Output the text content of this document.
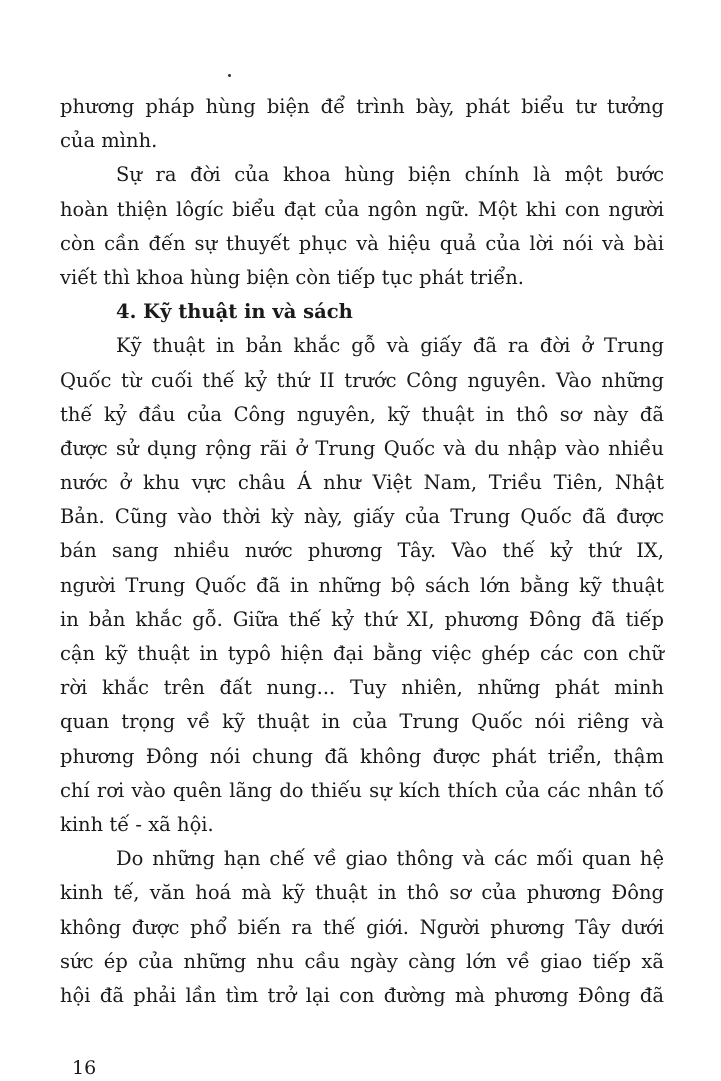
phương pháp hùng biện để trình bày, phát biểu tư tưởng
của mình.
Sự ra đời của khoa hùng biện chính là một bước
hoàn thiện lôgíc biểu đạt của ngôn ngữ. Một khi con người
còn cần đến sự thuyết phục và hiệu quả của lời nói và bài
viết thì khoa hùng biện còn tiếp tục phát triển.
4. Kỹ thuật in và sách
Kỹ thuật in bản khắc gỗ và giấy đã ra đời ở Trung
Quốc từ cuối thế kỷ thứ II trước Công nguyên. Vào những
thế kỷ đầu của Công nguyên, kỹ thuật in thô sơ này đã
được sử dụng rộng rãi ở Trung Quốc và du nhập vào nhiều
nước ở khu vực châu Á như Việt Nam, Triều Tiên, Nhật
Bản. Cũng vào thời kỳ này, giấy của Trung Quốc đã được
bán sang nhiều nước phương Tây. Vào thế kỷ thứ IX,
người Trung Quốc đã in những bộ sách lớn bằng kỹ thuật
in bản khắc gỗ. Giữa thế kỷ thứ XI, phương Đông đã tiếp
cận kỹ thuật in typô hiện đại bằng việc ghép các con chữ
rời khắc trên đất nung... Tuy nhiên, những phát minh
quan trọng về kỹ thuật in của Trung Quốc nói riêng và
phương Đông nói chung đã không được phát triển, thậm
chí rơi vào quên lãng do thiếu sự kích thích của các nhân tố
kinh tế - xã hội.
Do những hạn chế về giao thông và các mối quan hệ
kinh tế, văn hoá mà kỹ thuật in thô sơ của phương Đông
không được phổ biến ra thế giới. Người phương Tây dưới
sức ép của những nhu cầu ngày càng lớn về giao tiếp xã
hội đã phải lần tìm trở lại con đường mà phương Đông đã
16
